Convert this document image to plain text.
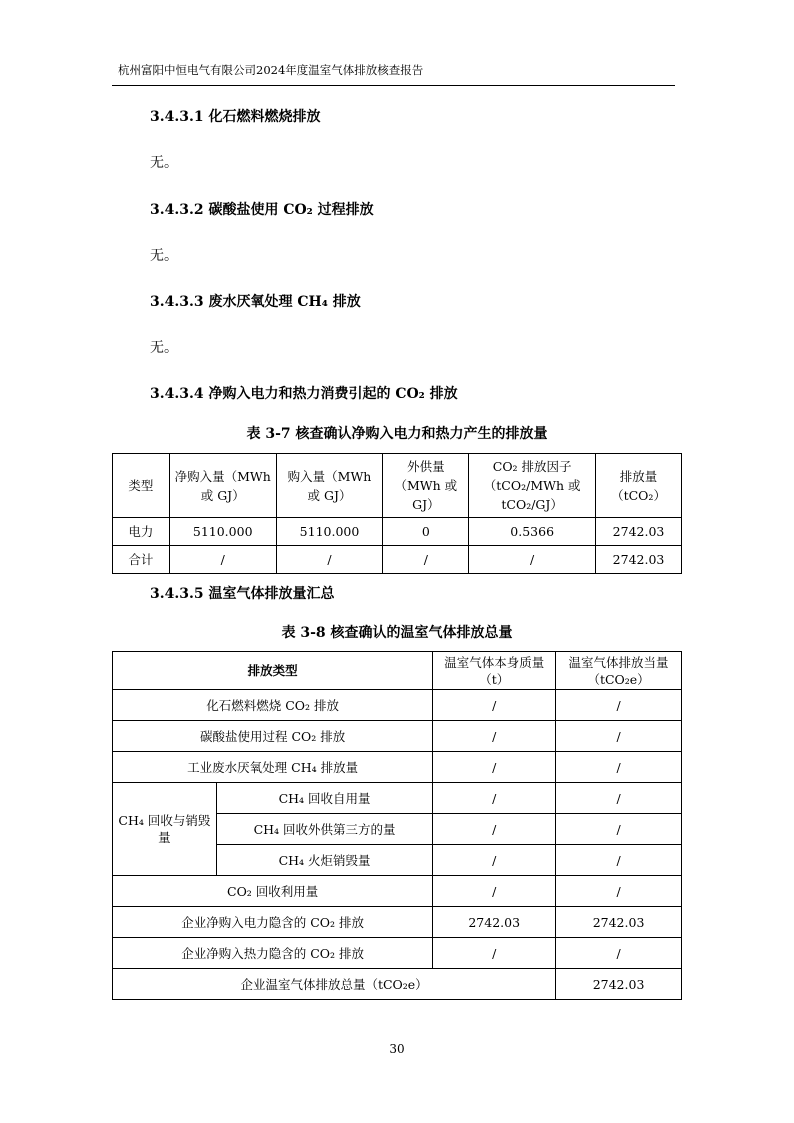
杭州富阳中恒电气有限公司2024年度温室气体排放核查报告
3.4.3.1 化石燃料燃烧排放
无。
3.4.3.2 碳酸盐使用 CO₂ 过程排放
无。
3.4.3.3 废水厌氧处理 CH₄ 排放
无。
3.4.3.4 净购入电力和热力消费引起的 CO₂ 排放
表 3-7 核查确认净购入电力和热力产生的排放量
类型	净购入量（MWh 或 GJ）	购入量（MWh 或 GJ）	外供量（MWh 或 GJ）	CO₂ 排放因子（tCO₂/MWh 或 tCO₂/GJ）	排放量（tCO₂）
电力	5110.000	5110.000	0	0.5366	2742.03
合计	/	/	/	/	2742.03
3.4.3.5 温室气体排放量汇总
表 3-8 核查确认的温室气体排放总量
排放类型		温室气体本身质量（t）	温室气体排放当量（tCO₂e）
化石燃料燃烧 CO₂ 排放		/	/
碳酸盐使用过程 CO₂ 排放		/	/
工业废水厌氧处理 CH₄ 排放量		/	/
CH₄ 回收与销毁量	CH₄ 回收自用量	/	/
	CH₄ 回收外供第三方的量	/	/
	CH₄ 火炬销毁量	/	/
CO₂ 回收利用量		/	/
企业净购入电力隐含的 CO₂ 排放		2742.03	2742.03
企业净购入热力隐含的 CO₂ 排放		/	/
企业温室气体排放总量（tCO₂e）			2742.03
30
